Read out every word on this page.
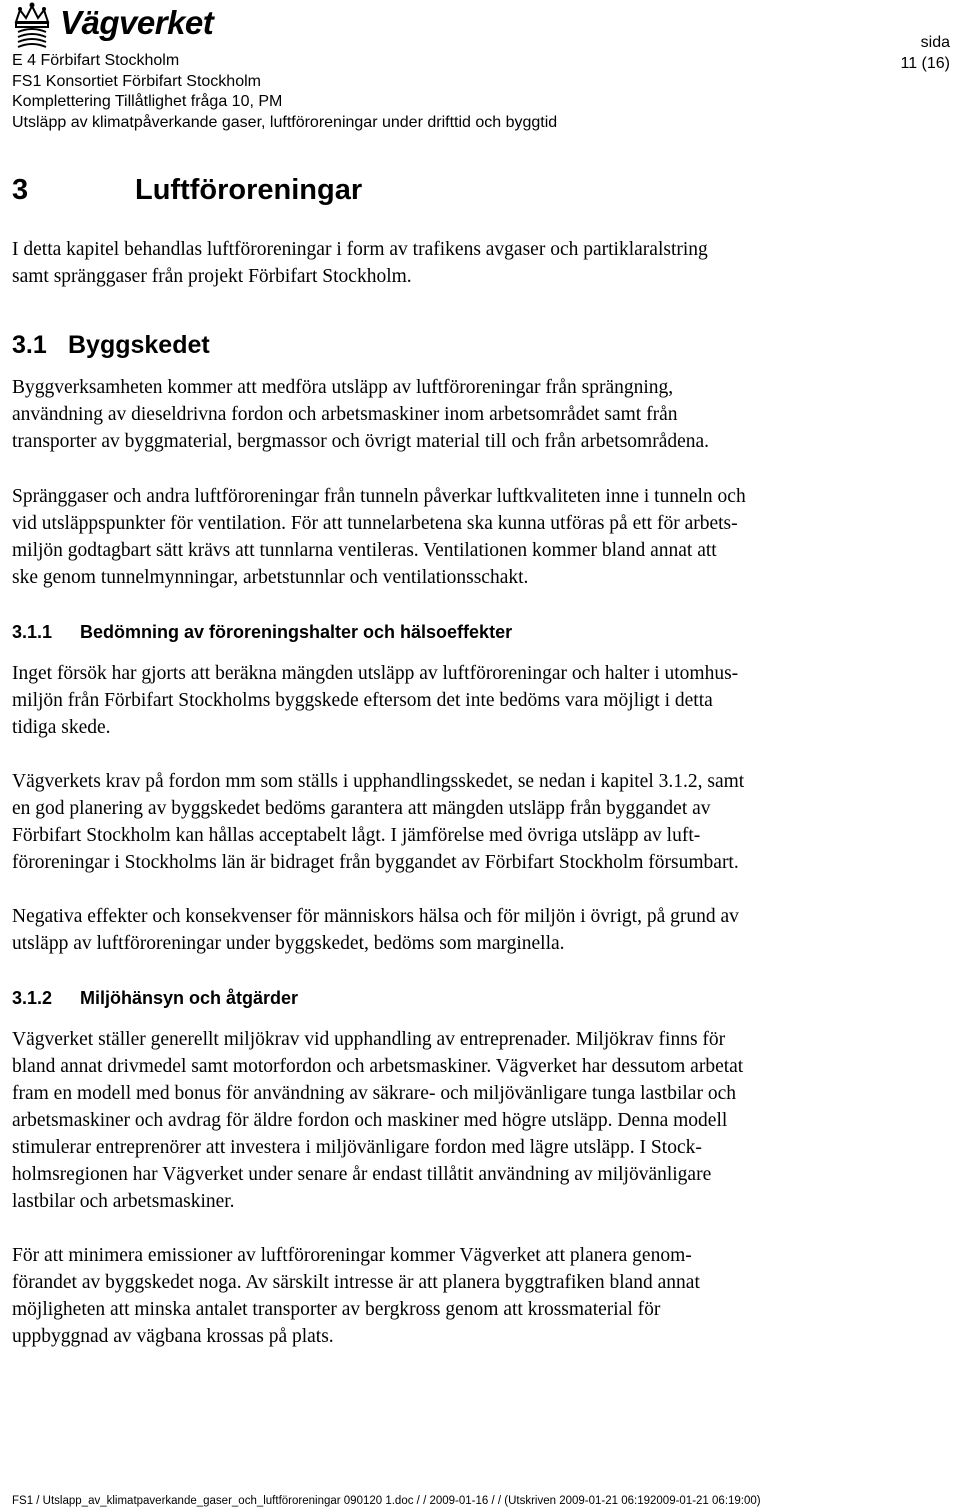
Vägverket
E 4 Förbifart Stockholm
FS1 Konsortiet Förbifart Stockholm
Komplettering Tillåtlighet fråga 10, PM
Utsläpp av klimatpåverkande gaser, luftföroreningar under drifttid och byggtid
sida
11 (16)
3	Luftföroreningar
I detta kapitel behandlas luftföroreningar i form av trafikens avgaser och partiklaralstring
samt spränggaser från projekt Förbifart Stockholm.
3.1 Byggskedet
Byggverksamheten kommer att medföra utsläpp av luftföroreningar från sprängning,
användning av dieseldrivna fordon och arbetsmaskiner inom arbetsområdet samt från
transporter av byggmaterial, bergmassor och övrigt material till och från arbetsområdena.
Spränggaser och andra luftföroreningar från tunneln påverkar luftkvaliteten inne i tunneln och
vid utsläppspunkter för ventilation. För att tunnelarbetena ska kunna utföras på ett för arbets-
miljön godtagbart sätt krävs att tunnlarna ventileras. Ventilationen kommer bland annat att
ske genom tunnelmynningar, arbetstunnlar och ventilationsschakt.
3.1.1 Bedömning av föroreningshalter och hälsoeffekter
Inget försök har gjorts att beräkna mängden utsläpp av luftföroreningar och halter i utomhus-
miljön från Förbifart Stockholms byggskede eftersom det inte bedöms vara möjligt i detta
tidiga skede.
Vägverkets krav på fordon mm som ställs i upphandlingsskedet, se nedan i kapitel 3.1.2, samt
en god planering av byggskedet bedöms garantera att mängden utsläpp från byggandet av
Förbifart Stockholm kan hållas acceptabelt lågt. I jämförelse med övriga utsläpp av luft-
föroreningar i Stockholms län är bidraget från byggandet av Förbifart Stockholm försumbart.
Negativa effekter och konsekvenser för människors hälsa och för miljön i övrigt, på grund av
utsläpp av luftföroreningar under byggskedet, bedöms som marginella.
3.1.2 Miljöhänsyn och åtgärder
Vägverket ställer generellt miljökrav vid upphandling av entreprenader. Miljökrav finns för
bland annat drivmedel samt motorfordon och arbetsmaskiner. Vägverket har dessutom arbetat
fram en modell med bonus för användning av säkrare- och miljövänligare tunga lastbilar och
arbetsmaskiner och avdrag för äldre fordon och maskiner med högre utsläpp. Denna modell
stimulerar entreprenörer att investera i miljövänligare fordon med lägre utsläpp. I Stock-
holmsregionen har Vägverket under senare år endast tillåtit användning av miljövänligare
lastbilar och arbetsmaskiner.
För att minimera emissioner av luftföroreningar kommer Vägverket att planera genom-
förandet av byggskedet noga. Av särskilt intresse är att planera byggtrafiken bland annat
möjligheten att minska antalet transporter av bergkross genom att krossmaterial för
uppbyggnad av vägbana krossas på plats.
FS1 / Utslapp_av_klimatpaverkande_gaser_och_luftföroreningar 090120 1.doc / / 2009-01-16 / / (Utskriven 2009-01-21 06:192009-01-21 06:19:00)
